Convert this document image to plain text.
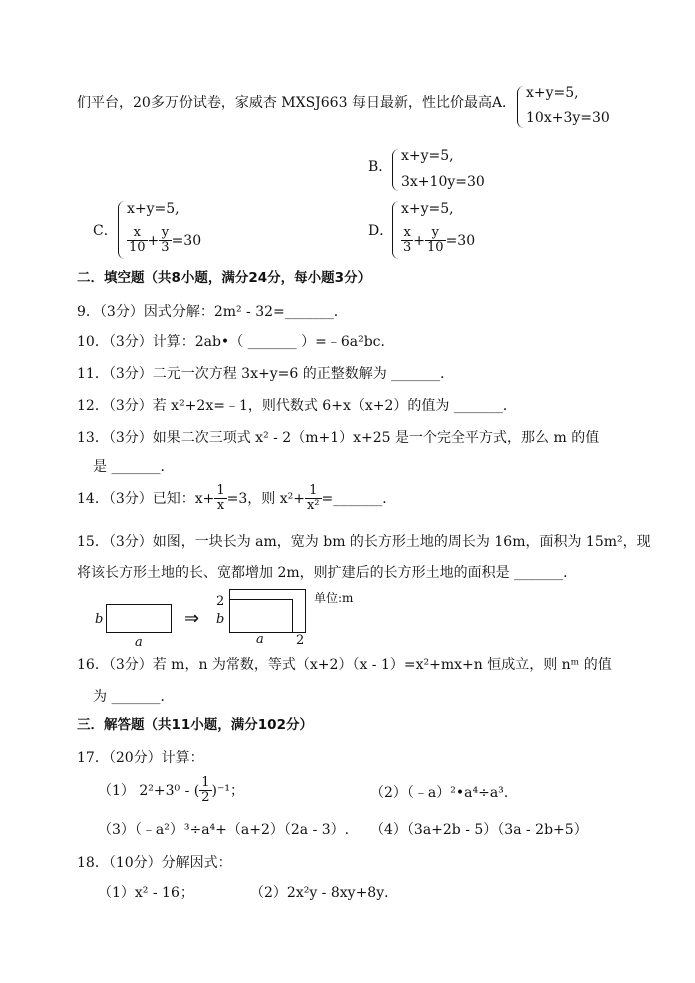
们平台，20多万份试卷，家威杏 MXSJ663 每日最新，性比价最高A．
x+y=5,
10x+3y=30
B．
x+y=5,
3x+10y=30
C．
x+y=5,
$\frac{x}{10} + \frac{y}{3} =30$
D．
x+y=5,
$\frac{x}{3} + \frac{y}{10} =30$
二．填空题（共8小题，满分24分，每小题3分）
9．（3分）因式分解：2m² - 32=_______.
10．（3分）计算：2ab•（ _______ ）=﹣6a²bc．
11．（3分）二元一次方程 3x+y=6 的正整数解为 _______．
12．（3分）若 x²+2x=﹣1，则代数式 6+x（x+2）的值为 _______．
13．（3分）如果二次三项式 x² - 2（m+1）x+25 是一个完全平方式，那么 m 的值
是 _______．
14．（3分）已知：$x+ \frac{1}{x} =3$，则 $x^2+ \frac{1}{\text{x²}}$ =_______．
15．（3分）如图，一块长为 am，宽为 bm 的长方形土地的周长为 16m，面积为 15m²，现
将该长方形土地的长、宽都增加 2m，则扩建后的长方形土地的面积是 _______．
b
a
⇒
2
b
a 2
单位:m
16．（3分）若 m，n 为常数，等式（x+2）（x - 1）=x²+mx+n 恒成立，则 nᵐ 的值
为 _______．
三．解答题（共11小题，满分102分）
17．（20分）计算：
（1） 2²+3⁰ - ( $\frac{1}{2} )^{-1}$；	（2）（﹣a）²•a⁴÷a³.
（3）（﹣a²）³÷a⁴+（a+2）（2a - 3）. （4）（3a+2b - 5）（3a - 2b+5）
18．（10分）分解因式：
（1）x² - 16；	（2）2x²y - 8xy+8y．
